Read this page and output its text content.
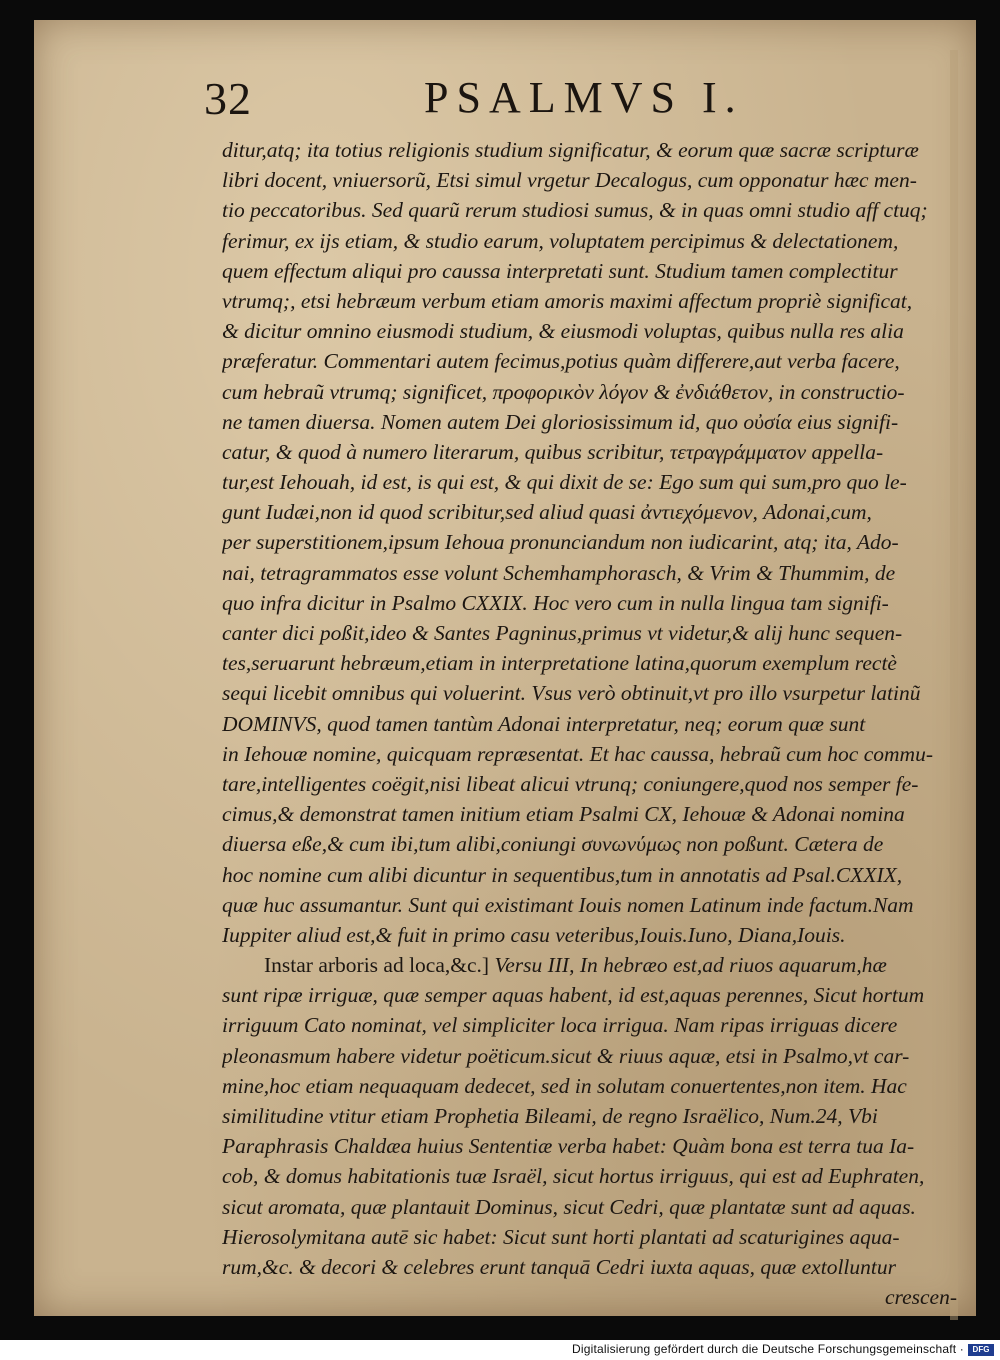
32	PSALMVS I.
ditur,atq; ita totius religionis studium significatur, & eorum quæ sacræ scripturæ
libri docent, vniuersorũ, Etsi simul vrgetur Decalogus, cum opponatur hæc men-
tio peccatoribus. Sed quarũ rerum studiosi sumus, & in quas omni studio aff ctuq;
ferimur, ex ijs etiam, & studio earum, voluptatem percipimus & delectationem,
quem effectum aliqui pro caussa interpretati sunt. Studium tamen complectitur
vtrumq;, etsi hebræum verbum etiam amoris maximi affectum propriè significat,
& dicitur omnino eiusmodi studium, & eiusmodi voluptas, quibus nulla res alia
præferatur. Commentari autem fecimus,potius quàm differere,aut verba facere,
cum hebraũ vtrumq; significet, προφορικὸν λόγον & ἐνδιάθετον, in constructio-
ne tamen diuersa. Nomen autem Dei gloriosissimum id, quo οὐσία eius signifi-
catur, & quod à numero literarum, quibus scribitur, τετραγράμματον appella-
tur,est Iehouah, id est, is qui est, & qui dixit de se: Ego sum qui sum,pro quo le-
gunt Iudæi,non id quod scribitur,sed aliud quasi ἀντιεχόμενον, Adonai,cum,
per superstitionem,ipsum Iehoua pronunciandum non iudicarint, atq; ita, Ado-
nai, tetragrammatos esse volunt Schemhamphorasch, & Vrim & Thummim, de
quo infra dicitur in Psalmo CXXIX. Hoc vero cum in nulla lingua tam signifi-
canter dici poßit,ideo & Santes Pagninus,primus vt videtur,& alij hunc sequen-
tes,seruarunt hebræum,etiam in interpretatione latina,quorum exemplum rectè
sequi licebit omnibus qui voluerint. Vsus verò obtinuit,vt pro illo vsurpetur latinũ
DOMINVS, quod tamen tantùm Adonai interpretatur, neq; eorum quæ sunt
in Iehouæ nomine, quicquam repræsentat. Et hac caussa, hebraũ cum hoc commu-
tare,intelligentes coëgit,nisi libeat alicui vtrunq; coniungere,quod nos semper fe-
cimus,& demonstrat tamen initium etiam Psalmi CX, Iehouæ & Adonai nomina
diuersa eße,& cum ibi,tum alibi,coniungi συνωνύμως non poßunt. Cætera de
hoc nomine cum alibi dicuntur in sequentibus,tum in annotatis ad Psal.CXXIX,
quæ huc assumantur. Sunt qui existimant Iouis nomen Latinum inde factum.Nam
Iuppiter aliud est,& fuit in primo casu veteribus,Iouis.Iuno, Diana,Iouis.
Instar arboris ad loca,&c.] Versu III, In hebræo est,ad riuos aquarum,hæ
sunt ripæ irriguæ, quæ semper aquas habent, id est,aquas perennes, Sicut hortum
irriguum Cato nominat, vel simpliciter loca irrigua. Nam ripas irriguas dicere
pleonasmum habere videtur poëticum.sicut & riuus aquæ, etsi in Psalmo,vt car-
mine,hoc etiam nequaquam dedecet, sed in solutam conuertentes,non item. Hac
similitudine vtitur etiam Prophetia Bileami, de regno Israëlico, Num.24, Vbi
Paraphrasis Chaldæa huius Sententiæ verba habet: Quàm bona est terra tua Ia-
cob, & domus habitationis tuæ Israël, sicut hortus irriguus, qui est ad Euphraten,
sicut aromata, quæ plantauit Dominus, sicut Cedri, quæ plantatæ sunt ad aquas.
Hierosolymitana autē sic habet: Sicut sunt horti plantati ad scaturigines aqua-
rum,&c. & decori & celebres erunt tanquā Cedri iuxta aquas, quæ extolluntur
crescen-
Digitalisierung gefördert durch die Deutsche Forschungsgemeinschaft ·	DFG
